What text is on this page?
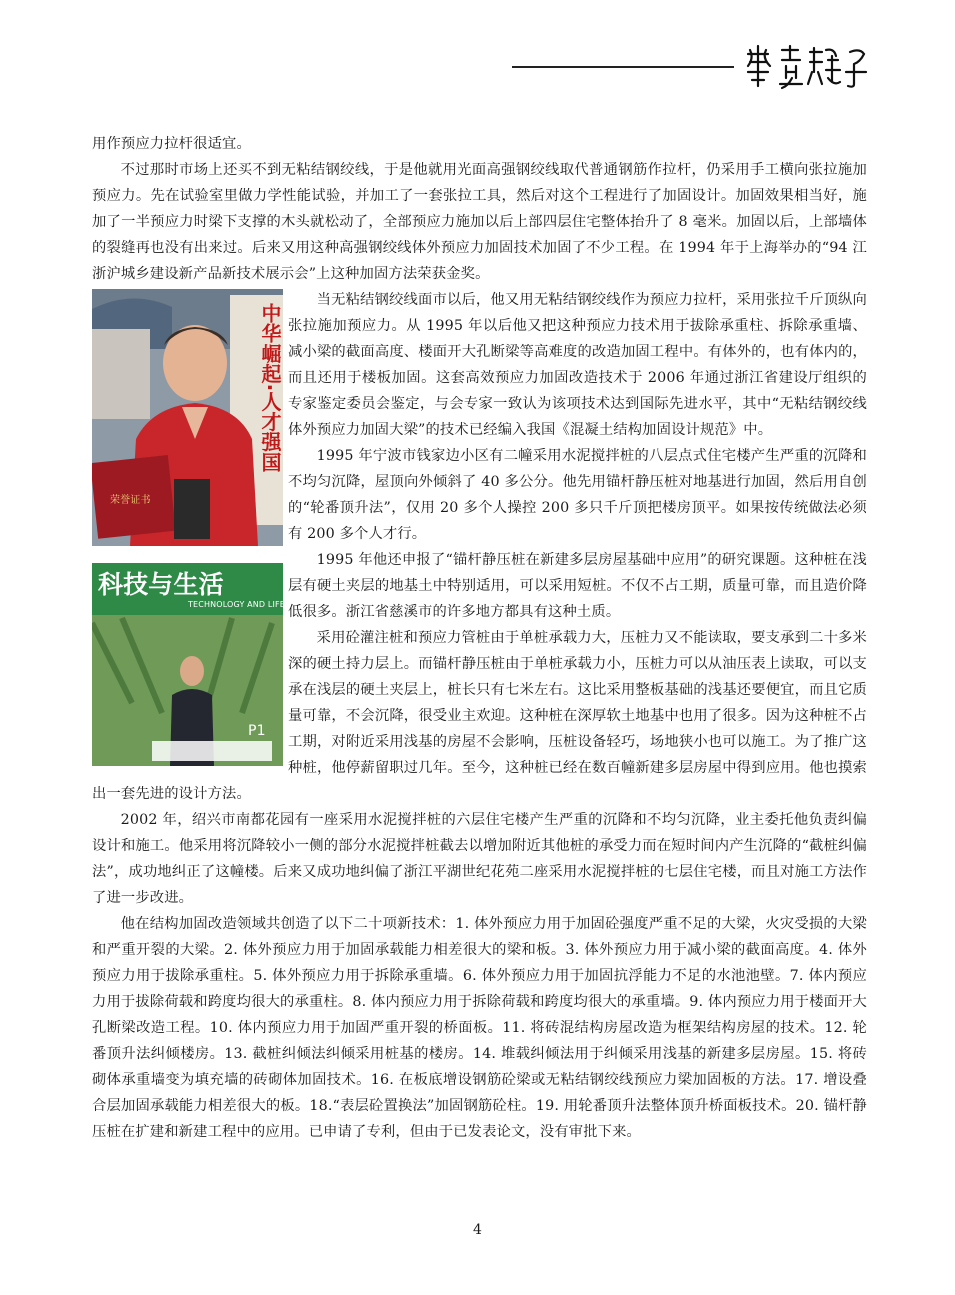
用作预应力拉杆很适宜。

不过那时市场上还买不到无粘结钢绞线，于是他就用光面高强钢绞线取代普通钢筋作拉杆，仍采用手工横向张拉施加预应力。先在试验室里做力学性能试验，并加工了一套张拉工具，然后对这个工程进行了加固设计。加固效果相当好，施加了一半预应力时梁下支撑的木头就松动了，全部预应力施加以后上部四层住宅整体抬升了 8 毫米。加固以后，上部墙体的裂缝再也没有出来过。后来又用这种高强钢绞线体外预应力加固技术加固了不少工程。在 1994 年于上海举办的“94 江浙沪城乡建设新产品新技术展示会”上这种加固方法荣获金奖。

中华崛起·人才强国
荣誉证书

科技与生活
TECHNOLOGY AND LIFE
P1

当无粘结钢绞线面市以后，他又用无粘结钢绞线作为预应力拉杆，采用张拉千斤顶纵向张拉施加预应力。从 1995 年以后他又把这种预应力技术用于拔除承重柱、拆除承重墙、减小梁的截面高度、楼面开大孔断梁等高难度的改造加固工程中。有体外的，也有体内的，而且还用于楼板加固。这套高效预应力加固改造技术于 2006 年通过浙江省建设厅组织的专家鉴定委员会鉴定，与会专家一致认为该项技术达到国际先进水平，其中“无粘结钢绞线体外预应力加固大梁”的技术已经编入我国《混凝土结构加固设计规范》中。

1995 年宁波市钱家边小区有二幢采用水泥搅拌桩的八层点式住宅楼产生严重的沉降和不均匀沉降，屋顶向外倾斜了 40 多公分。他先用锚杆静压桩对地基进行加固，然后用自创的“轮番顶升法”，仅用 20 多个人操控 200 多只千斤顶把楼房顶平。如果按传统做法必须有 200 多个人才行。

1995 年他还申报了“锚杆静压桩在新建多层房屋基础中应用”的研究课题。这种桩在浅层有硬土夹层的地基土中特别适用，可以采用短桩。不仅不占工期，质量可靠，而且造价降低很多。浙江省慈溪市的许多地方都具有这种土质。

采用砼灌注桩和预应力管桩由于单桩承载力大，压桩力又不能读取，要支承到二十多米深的硬土持力层上。而锚杆静压桩由于单桩承载力小，压桩力可以从油压表上读取，可以支承在浅层的硬土夹层上，桩长只有七米左右。这比采用整板基础的浅基还要便宜，而且它质量可靠，不会沉降，很受业主欢迎。这种桩在深厚软土地基中也用了很多。因为这种桩不占工期，对附近采用浅基的房屋不会影响，压桩设备轻巧，场地狭小也可以施工。为了推广这种桩，他停薪留职过几年。至今，这种桩已经在数百幢新建多层房屋中得到应用。他也摸索出一套先进的设计方法。

2002 年，绍兴市南都花园有一座采用水泥搅拌桩的六层住宅楼产生严重的沉降和不均匀沉降，业主委托他负责纠偏设计和施工。他采用将沉降较小一侧的部分水泥搅拌桩截去以增加附近其他桩的承受力而在短时间内产生沉降的“截桩纠偏法”，成功地纠正了这幢楼。后来又成功地纠偏了浙江平湖世纪花苑二座采用水泥搅拌桩的七层住宅楼，而且对施工方法作了进一步改进。

他在结构加固改造领域共创造了以下二十项新技术：1. 体外预应力用于加固砼强度严重不足的大梁，火灾受损的大梁和严重开裂的大梁。2. 体外预应力用于加固承载能力相差很大的梁和板。3. 体外预应力用于减小梁的截面高度。4. 体外预应力用于拔除承重柱。5. 体外预应力用于拆除承重墙。6. 体外预应力用于加固抗浮能力不足的水池池壁。7. 体内预应力用于拔除荷载和跨度均很大的承重柱。8. 体内预应力用于拆除荷载和跨度均很大的承重墙。9. 体内预应力用于楼面开大孔断梁改造工程。10. 体内预应力用于加固严重开裂的桥面板。11. 将砖混结构房屋改造为框架结构房屋的技术。12. 轮番顶升法纠倾楼房。13. 截桩纠倾法纠倾采用桩基的楼房。14. 堆载纠倾法用于纠倾采用浅基的新建多层房屋。15. 将砖砌体承重墙变为填充墙的砖砌体加固技术。16. 在板底增设钢筋砼梁或无粘结钢绞线预应力梁加固板的方法。17. 增设叠合层加固承载能力相差很大的板。18.“表层砼置换法”加固钢筋砼柱。19. 用轮番顶升法整体顶升桥面板技术。20. 锚杆静压桩在扩建和新建工程中的应用。已申请了专利，但由于已发表论文，没有审批下来。

4
